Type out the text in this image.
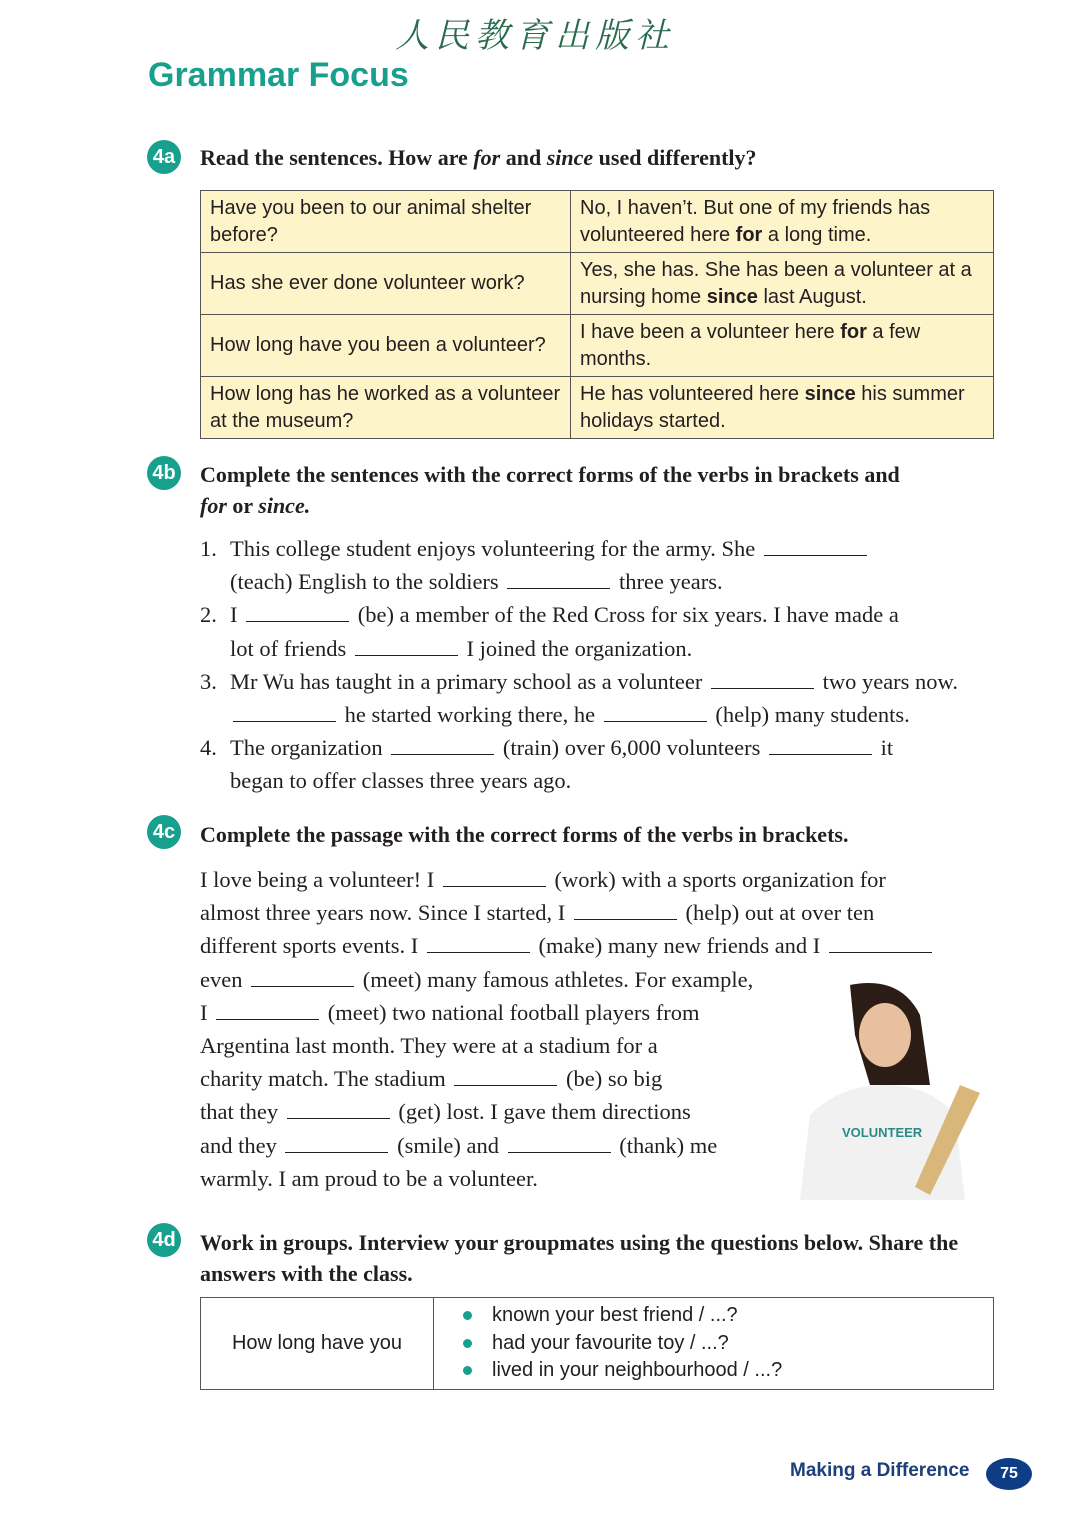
人民教育出版社
Grammar Focus
4a Read the sentences. How are for and since used differently?
Have you been to our animal shelter before?	No, I haven’t. But one of my friends has volunteered here for a long time.
Has she ever done volunteer work?	Yes, she has. She has been a volunteer at a nursing home since last August.
How long have you been a volunteer?	I have been a volunteer here for a few months.
How long has he worked as a volunteer at the museum?	He has volunteered here since his summer holidays started.
4b Complete the sentences with the correct forms of the verbs in brackets and
for or since.
1. This college student enjoys volunteering for the army. She
(teach) English to the soldiers	three years.
2. I	(be) a member of the Red Cross for six years. I have made a
lot of friends	I joined the organization.
3. Mr Wu has taught in a primary school as a volunteer	two years now.
he started working there, he	(help) many students.
4. The organization	(train) over 6,000 volunteers	it
began to offer classes three years ago.
4c Complete the passage with the correct forms of the verbs in brackets.
I love being a volunteer! I	(work) with a sports organization for
almost three years now. Since I started, I	(help) out at over ten
different sports events. I	(make) many new friends and I
even	(meet) many famous athletes. For example,
I	(meet) two national football players from
Argentina last month. They were at a stadium for a
charity match. The stadium	(be) so big
that they	(get) lost. I gave them directions
and they	(smile) and	(thank) me
warmly. I am proud to be a volunteer.
VOLUNTEER
4d Work in groups. Interview your groupmates using the questions below. Share the answers with the class.
How long have you	
known your best friend / ...?
had your favourite toy / ...?
lived in your neighbourhood / ...?
Making a Difference	75
